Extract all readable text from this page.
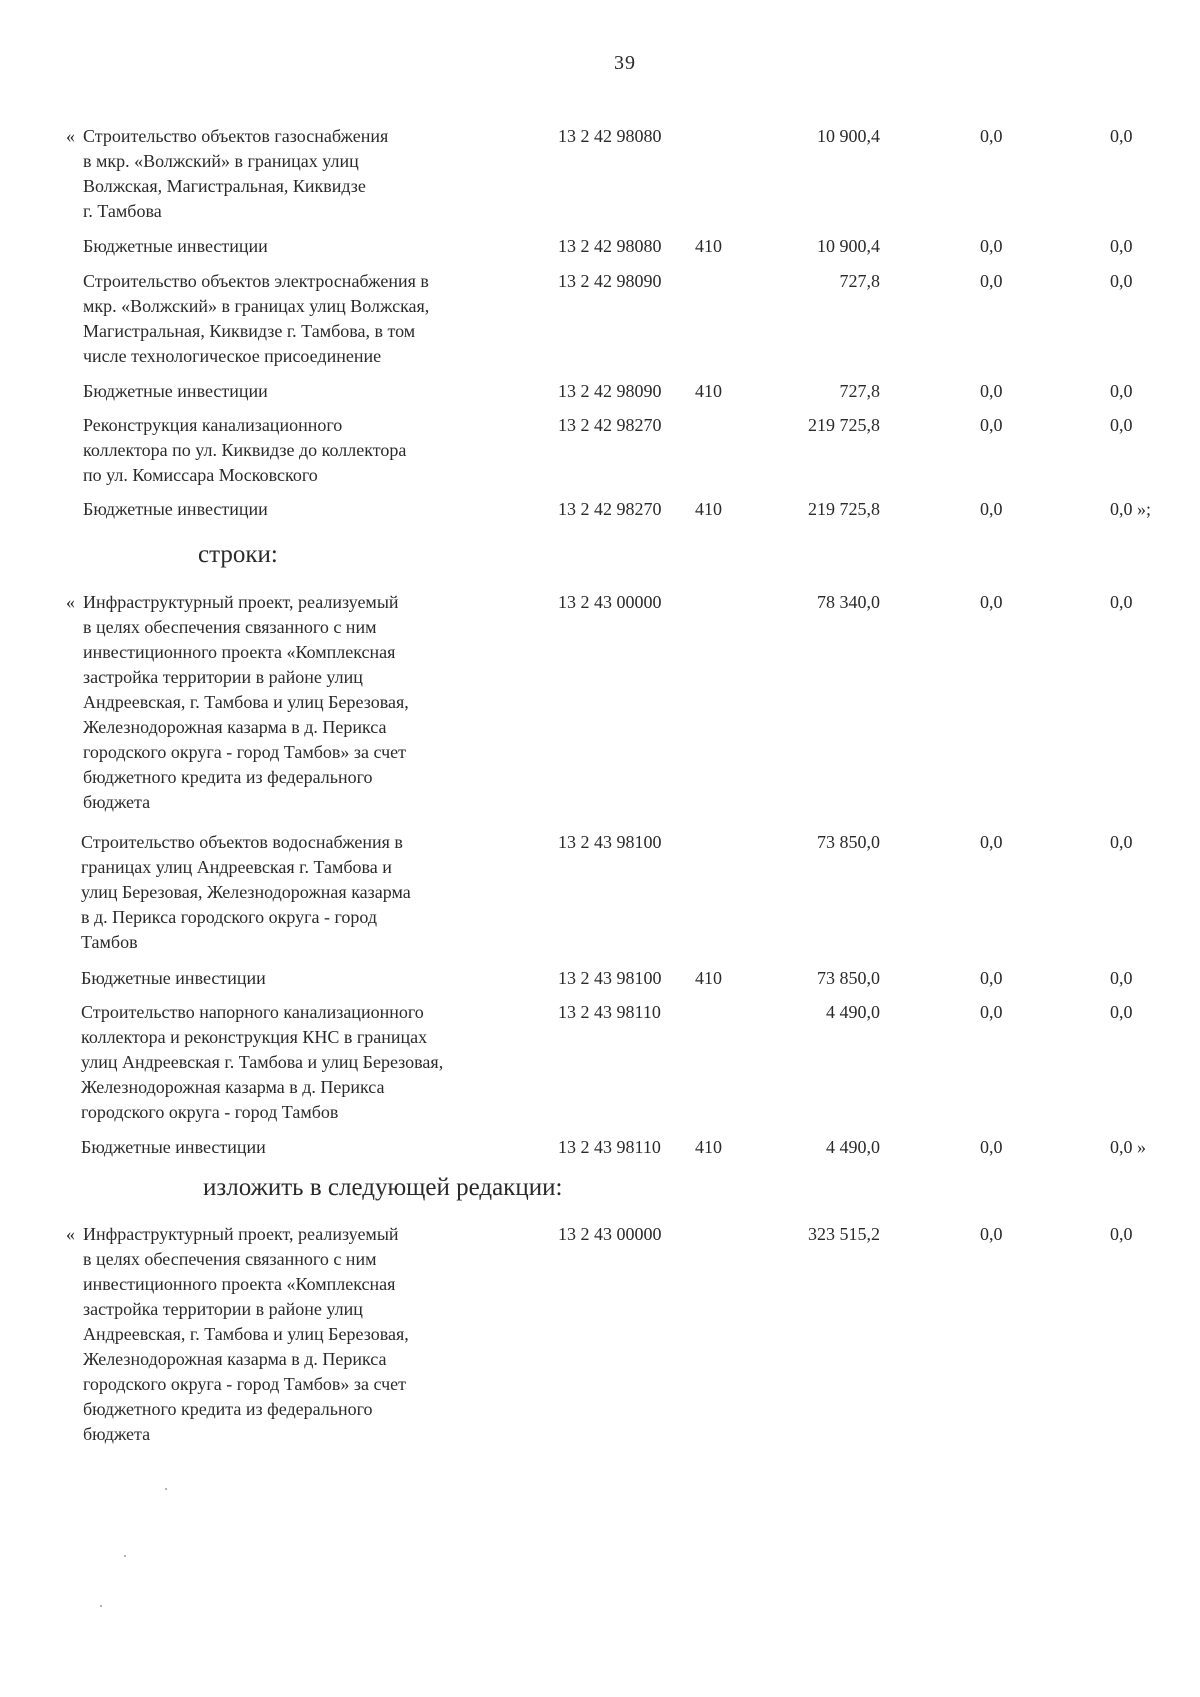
39
« Строительство объектов газоснабжения
в мкр. «Волжский» в границах улиц
Волжская, Магистральная, Киквидзе
г. Тамбова
13 2 42 98080	10 900,4	0,0	0,0
Бюджетные инвестиции	13 2 42 98080	410	10 900,4	0,0	0,0
Строительство объектов электроснабжения в
мкр. «Волжский» в границах улиц Волжская,
Магистральная, Киквидзе г. Тамбова, в том
числе технологическое присоединение
13 2 42 98090	727,8	0,0	0,0
Бюджетные инвестиции	13 2 42 98090	410	727,8	0,0	0,0
Реконструкция канализационного
коллектора по ул. Киквидзе до коллектора
по ул. Комиссара Московского
13 2 42 98270	219 725,8	0,0	0,0
Бюджетные инвестиции	13 2 42 98270	410	219 725,8	0,0	0,0 »;
строки:
« Инфраструктурный проект, реализуемый
в целях обеспечения связанного с ним
инвестиционного проекта «Комплексная
застройка территории в районе улиц
Андреевская, г. Тамбова и улиц Березовая,
Железнодорожная казарма в д. Перикса
городского округа - город Тамбов» за счет
бюджетного кредита из федерального
бюджета
13 2 43 00000	78 340,0	0,0	0,0
Строительство объектов водоснабжения в
границах улиц Андреевская г. Тамбова и
улиц Березовая, Железнодорожная казарма
в д. Перикса городского округа - город
Тамбов
13 2 43 98100	73 850,0	0,0	0,0
Бюджетные инвестиции	13 2 43 98100	410	73 850,0	0,0	0,0
Строительство напорного канализационного
коллектора и реконструкция КНС в границах
улиц Андреевская г. Тамбова и улиц Березовая,
Железнодорожная казарма в д. Перикса
городского округа - город Тамбов
13 2 43 98110	4 490,0	0,0	0,0
Бюджетные инвестиции	13 2 43 98110	410	4 490,0	0,0	0,0 »
изложить в следующей редакции:
« Инфраструктурный проект, реализуемый
в целях обеспечения связанного с ним
инвестиционного проекта «Комплексная
застройка территории в районе улиц
Андреевская, г. Тамбова и улиц Березовая,
Железнодорожная казарма в д. Перикса
городского округа - город Тамбов» за счет
бюджетного кредита из федерального
бюджета
13 2 43 00000	323 515,2	0,0	0,0
